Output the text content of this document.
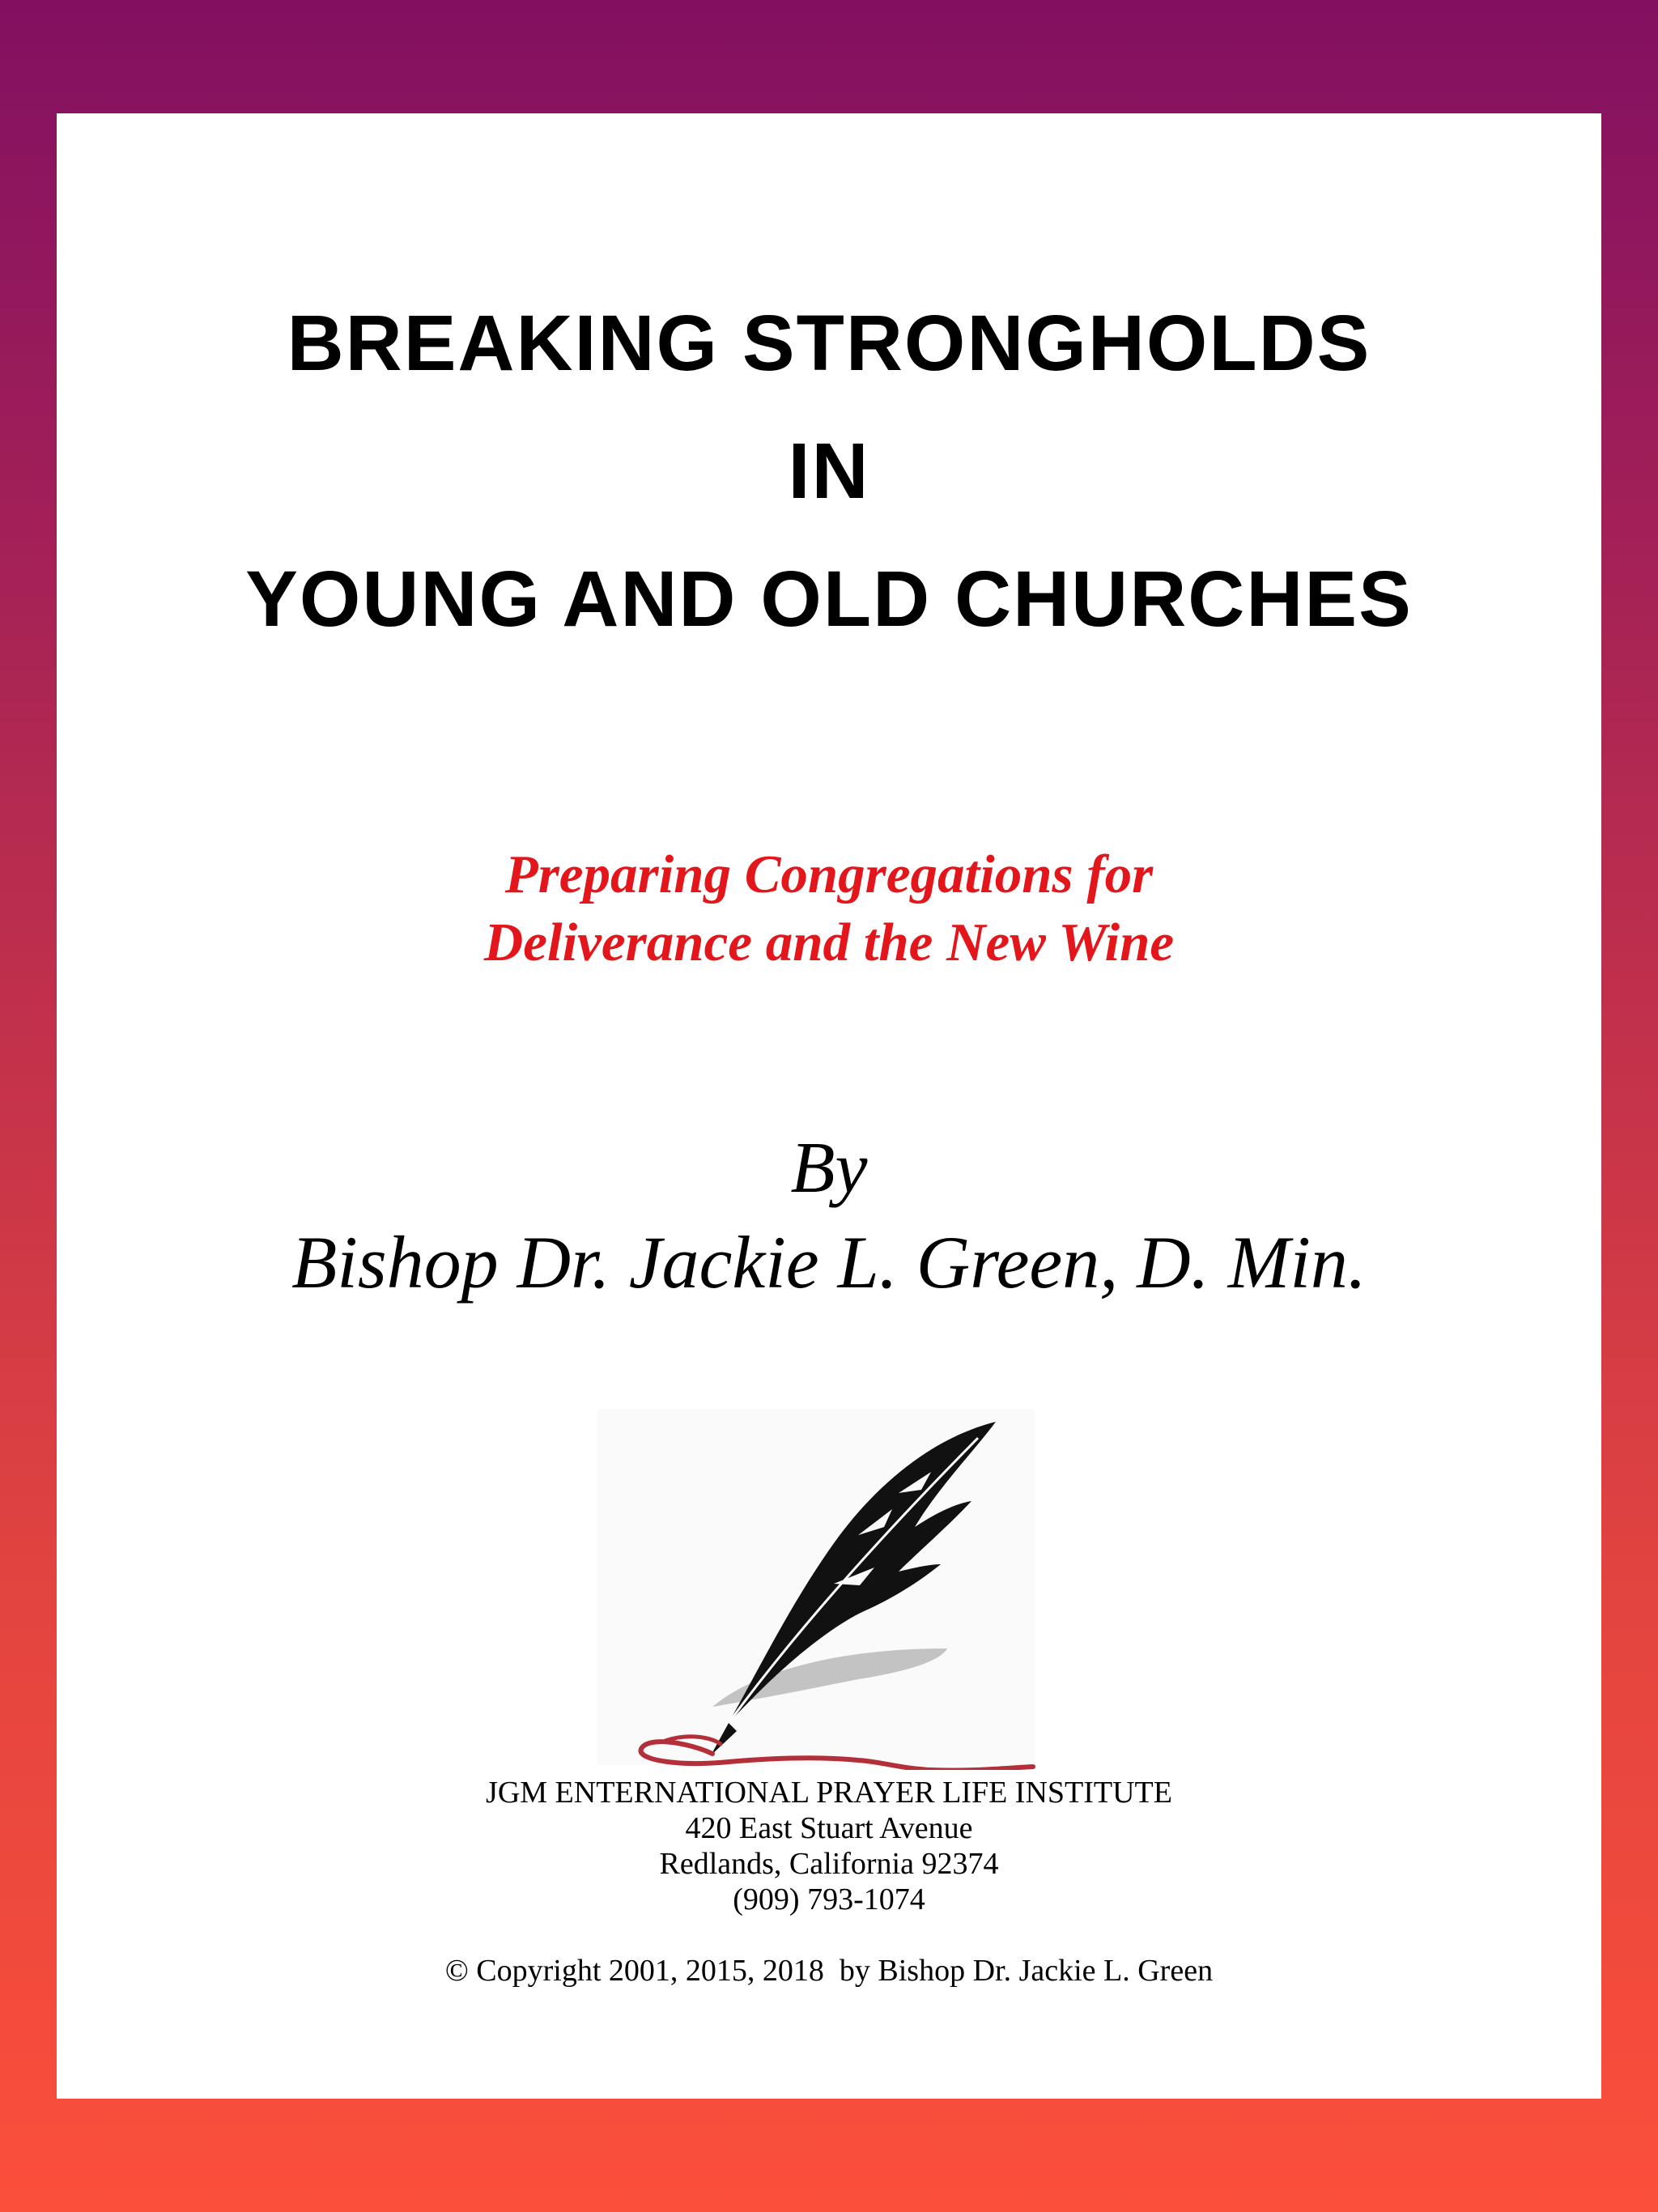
BREAKING STRONGHOLDS
IN
YOUNG AND OLD CHURCHES
Preparing Congregations for
Deliverance and the New Wine
By
Bishop Dr. Jackie L. Green, D. Min.
JGM ENTERNATIONAL PRAYER LIFE INSTITUTE
420 East Stuart Avenue
Redlands, California 92374
(909) 793-1074
© Copyright 2001, 2015, 2018  by Bishop Dr. Jackie L. Green
